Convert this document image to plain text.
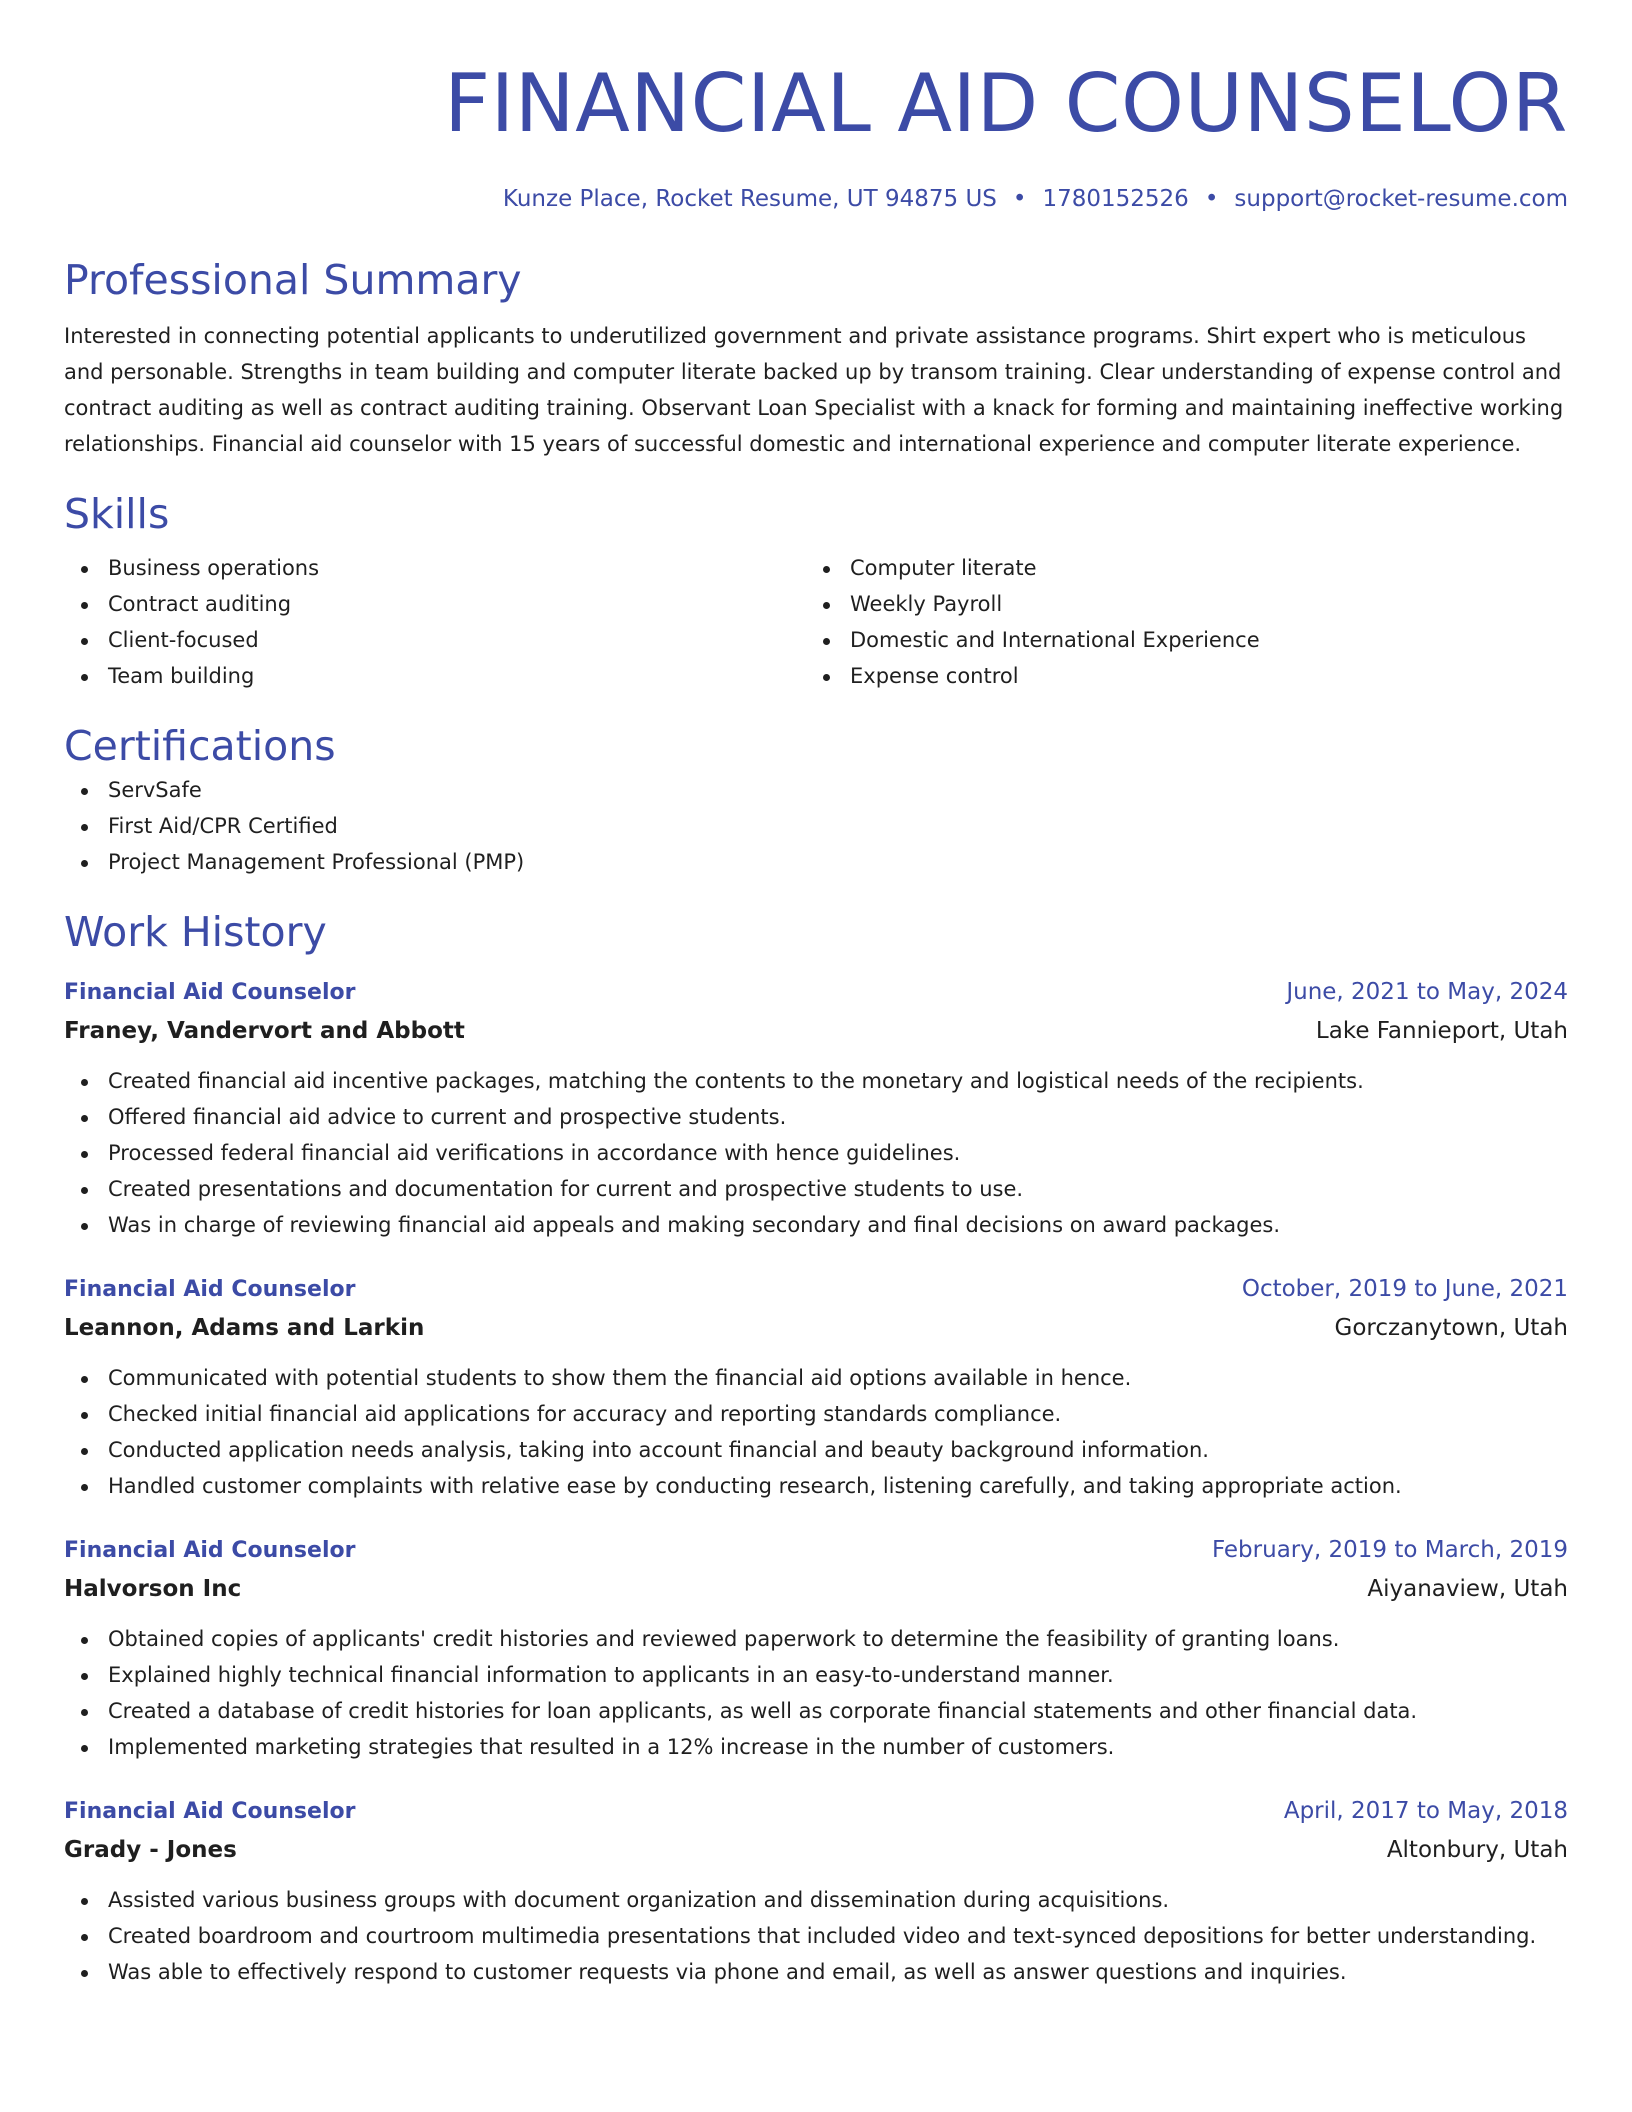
FINANCIAL AID COUNSELOR
Kunze Place, Rocket Resume, UT 94875 US • 1780152526 • support@rocket-resume.com
Professional Summary

Interested in connecting potential applicants to underutilized government and private assistance programs. Shirt expert who is meticulous and personable. Strengths in team building and computer literate backed up by transom training. Clear understanding of expense control and contract auditing as well as contract auditing training. Observant Loan Specialist with a knack for forming and maintaining ineffective working relationships. Financial aid counselor with 15 years of successful domestic and international experience and computer literate experience.

Skills
Business operations
Contract auditing
Client-focused
Team building
Computer literate
Weekly Payroll
Domestic and International Experience
Expense control
Certifications
ServSafe
First Aid/CPR Certified
Project Management Professional (PMP)
Work History
Financial Aid Counselor	June, 2021 to May, 2024
Franey, Vandervort and Abbott	Lake Fannieport, Utah
Created financial aid incentive packages, matching the contents to the monetary and logistical needs of the recipients.
Offered financial aid advice to current and prospective students.
Processed federal financial aid verifications in accordance with hence guidelines.
Created presentations and documentation for current and prospective students to use.
Was in charge of reviewing financial aid appeals and making secondary and final decisions on award packages.
Financial Aid Counselor	October, 2019 to June, 2021
Leannon, Adams and Larkin	Gorczanytown, Utah
Communicated with potential students to show them the financial aid options available in hence.
Checked initial financial aid applications for accuracy and reporting standards compliance.
Conducted application needs analysis, taking into account financial and beauty background information.
Handled customer complaints with relative ease by conducting research, listening carefully, and taking appropriate action.
Financial Aid Counselor	February, 2019 to March, 2019
Halvorson Inc	Aiyanaview, Utah
Obtained copies of applicants' credit histories and reviewed paperwork to determine the feasibility of granting loans.
Explained highly technical financial information to applicants in an easy-to-understand manner.
Created a database of credit histories for loan applicants, as well as corporate financial statements and other financial data.
Implemented marketing strategies that resulted in a 12% increase in the number of customers.
Financial Aid Counselor	April, 2017 to May, 2018
Grady - Jones	Altonbury, Utah
Assisted various business groups with document organization and dissemination during acquisitions.
Created boardroom and courtroom multimedia presentations that included video and text-synced depositions for better understanding.
Was able to effectively respond to customer requests via phone and email, as well as answer questions and inquiries.
